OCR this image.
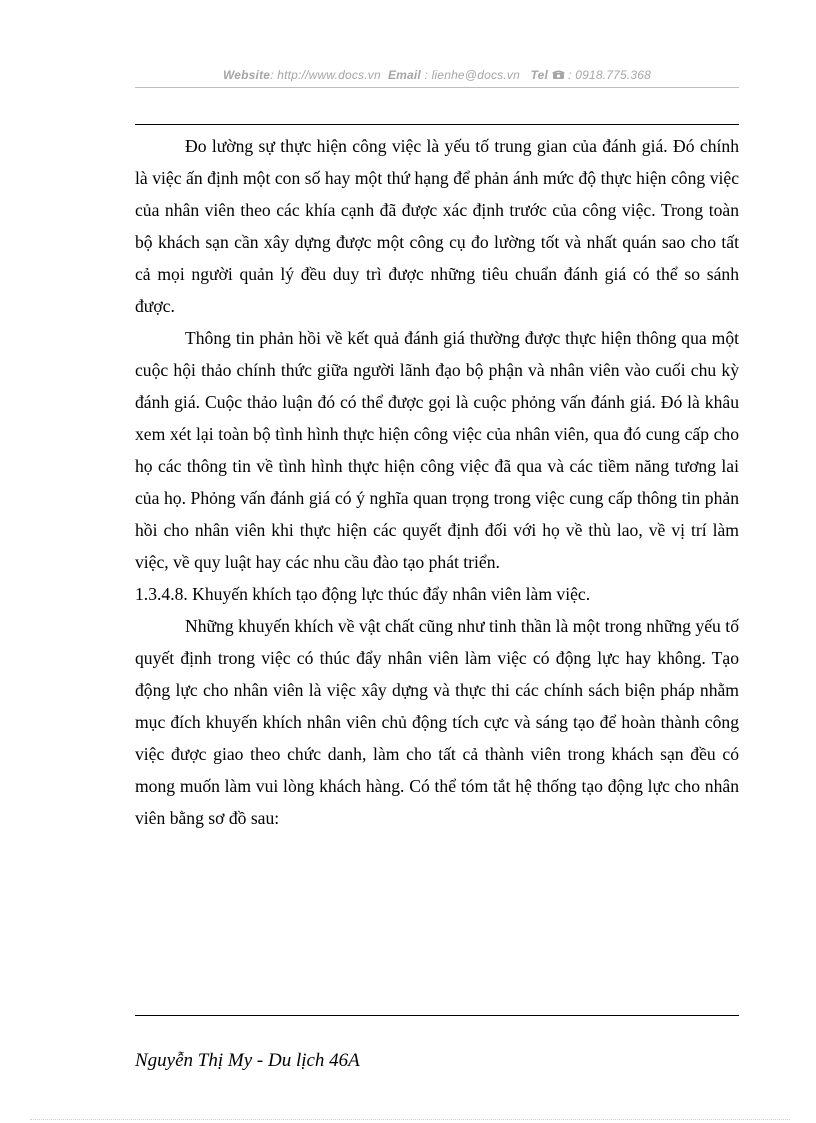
Website: http://www.docs.vn Email : lienhe@docs.vn Tel : 0918.775.368

Đo lường sự thực hiện công việc là yếu tố trung gian của đánh giá. Đó chính là việc ấn định một con số hay một thứ hạng để phản ánh mức độ thực hiện công việc của nhân viên theo các khía cạnh đã được xác định trước của công việc. Trong toàn bộ khách sạn cần xây dựng được một công cụ đo lường tốt và nhất quán sao cho tất cả mọi người quản lý đều duy trì được những tiêu chuẩn đánh giá có thể so sánh được.

Thông tin phản hồi về kết quả đánh giá thường được thực hiện thông qua một cuộc hội thảo chính thức giữa người lãnh đạo bộ phận và nhân viên vào cuối chu kỳ đánh giá. Cuộc thảo luận đó có thể được gọi là cuộc phỏng vấn đánh giá. Đó là khâu xem xét lại toàn bộ tình hình thực hiện công việc của nhân viên, qua đó cung cấp cho họ các thông tin về tình hình thực hiện công việc đã qua và các tiềm năng tương lai của họ. Phỏng vấn đánh giá có ý nghĩa quan trọng trong việc cung cấp thông tin phản hồi cho nhân viên khi thực hiện các quyết định đối với họ về thù lao, về vị trí làm việc, về quy luật hay các nhu cầu đào tạo phát triển.

1.3.4.8. Khuyến khích tạo động lực thúc đẩy nhân viên làm việc.

Những khuyến khích về vật chất cũng như tinh thần là một trong những yếu tố quyết định trong việc có thúc đẩy nhân viên làm việc có động lực hay không. Tạo động lực cho nhân viên là việc xây dựng và thực thi các chính sách biện pháp nhằm mục đích khuyến khích nhân viên chủ động tích cực và sáng tạo để hoàn thành công việc được giao theo chức danh, làm cho tất cả thành viên trong khách sạn đều có mong muốn làm vui lòng khách hàng. Có thể tóm tắt hệ thống tạo động lực cho nhân viên bằng sơ đồ sau:

Nguyễn Thị My - Du lịch 46A
